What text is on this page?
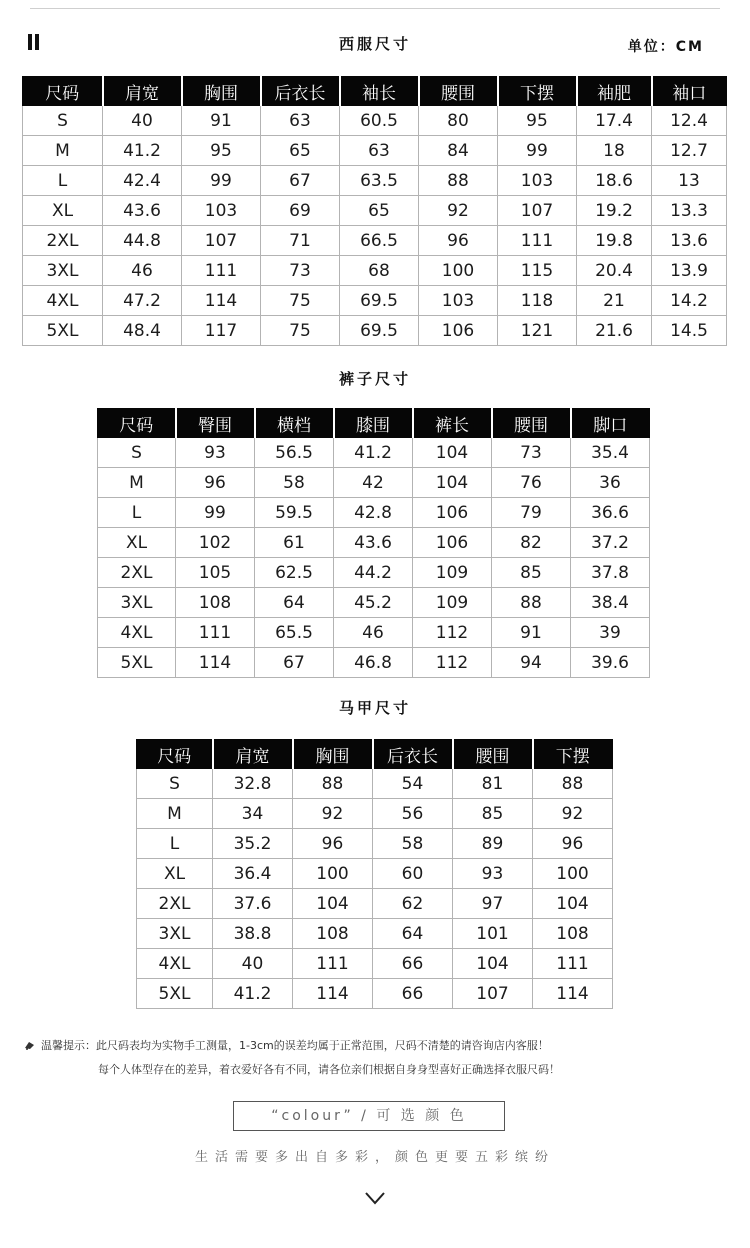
西服尺寸	单位：CM
尺码	肩宽	胸围	后衣长	袖长	腰围	下摆	袖肥	袖口
S	40	91	63	60.5	80	95	17.4	12.4
M	41.2	95	65	63	84	99	18	12.7
L	42.4	99	67	63.5	88	103	18.6	13
XL	43.6	103	69	65	92	107	19.2	13.3
2XL	44.8	107	71	66.5	96	111	19.8	13.6
3XL	46	111	73	68	100	115	20.4	13.9
4XL	47.2	114	75	69.5	103	118	21	14.2
5XL	48.4	117	75	69.5	106	121	21.6	14.5
裤子尺寸
尺码	臀围	横档	膝围	裤长	腰围	脚口
S	93	56.5	41.2	104	73	35.4
M	96	58	42	104	76	36
L	99	59.5	42.8	106	79	36.6
XL	102	61	43.6	106	82	37.2
2XL	105	62.5	44.2	109	85	37.8
3XL	108	64	45.2	109	88	38.4
4XL	111	65.5	46	112	91	39
5XL	114	67	46.8	112	94	39.6
马甲尺寸
尺码	肩宽	胸围	后衣长	腰围	下摆
S	32.8	88	54	81	88
M	34	92	56	85	92
L	35.2	96	58	89	96
XL	36.4	100	60	93	100
2XL	37.6	104	62	97	104
3XL	38.8	108	64	101	108
4XL	40	111	66	104	111
5XL	41.2	114	66	107	114
温馨提示：此尺码表均为实物手工测量，1-3cm的误差均属于正常范围，尺码不清楚的请咨询店内客服！
每个人体型存在的差异，着衣爱好各有不同，请各位亲们根据自身身型喜好正确选择衣服尺码！
“colour” / 可 选 颜 色
生活需要多出自多彩，颜色更要五彩缤纷
